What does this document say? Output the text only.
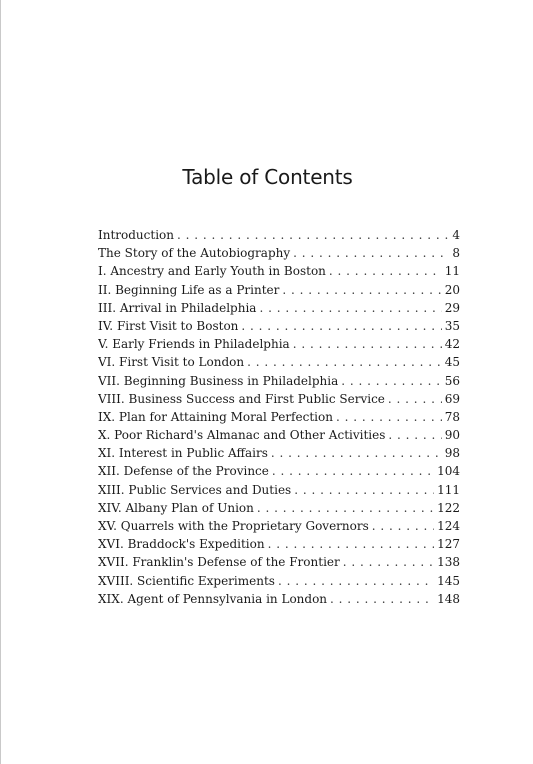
Table of Contents
Introduction . . .	4
The Story of the Autobiography . . .	8
I. Ancestry and Early Youth in Boston . . .	11
II. Beginning Life as a Printer . . .	20
III. Arrival in Philadelphia . . .	29
IV. First Visit to Boston . . .	35
V. Early Friends in Philadelphia . . .	42
VI. First Visit to London . . .	45
VII. Beginning Business in Philadelphia . . .	56
VIII. Business Success and First Public Service . . .	69
IX. Plan for Attaining Moral Perfection . . .	78
X. Poor Richard's Almanac and Other Activities . . .	90
XI. Interest in Public Affairs . . .	98
XII. Defense of the Province . . .	104
XIII. Public Services and Duties . . .	111
XIV. Albany Plan of Union . . .	122
XV. Quarrels with the Proprietary Governors . . .	124
XVI. Braddock's Expedition . . .	127
XVII. Franklin's Defense of the Frontier . . .	138
XVIII. Scientific Experiments . . .	145
XIX. Agent of Pennsylvania in London . . .	148
